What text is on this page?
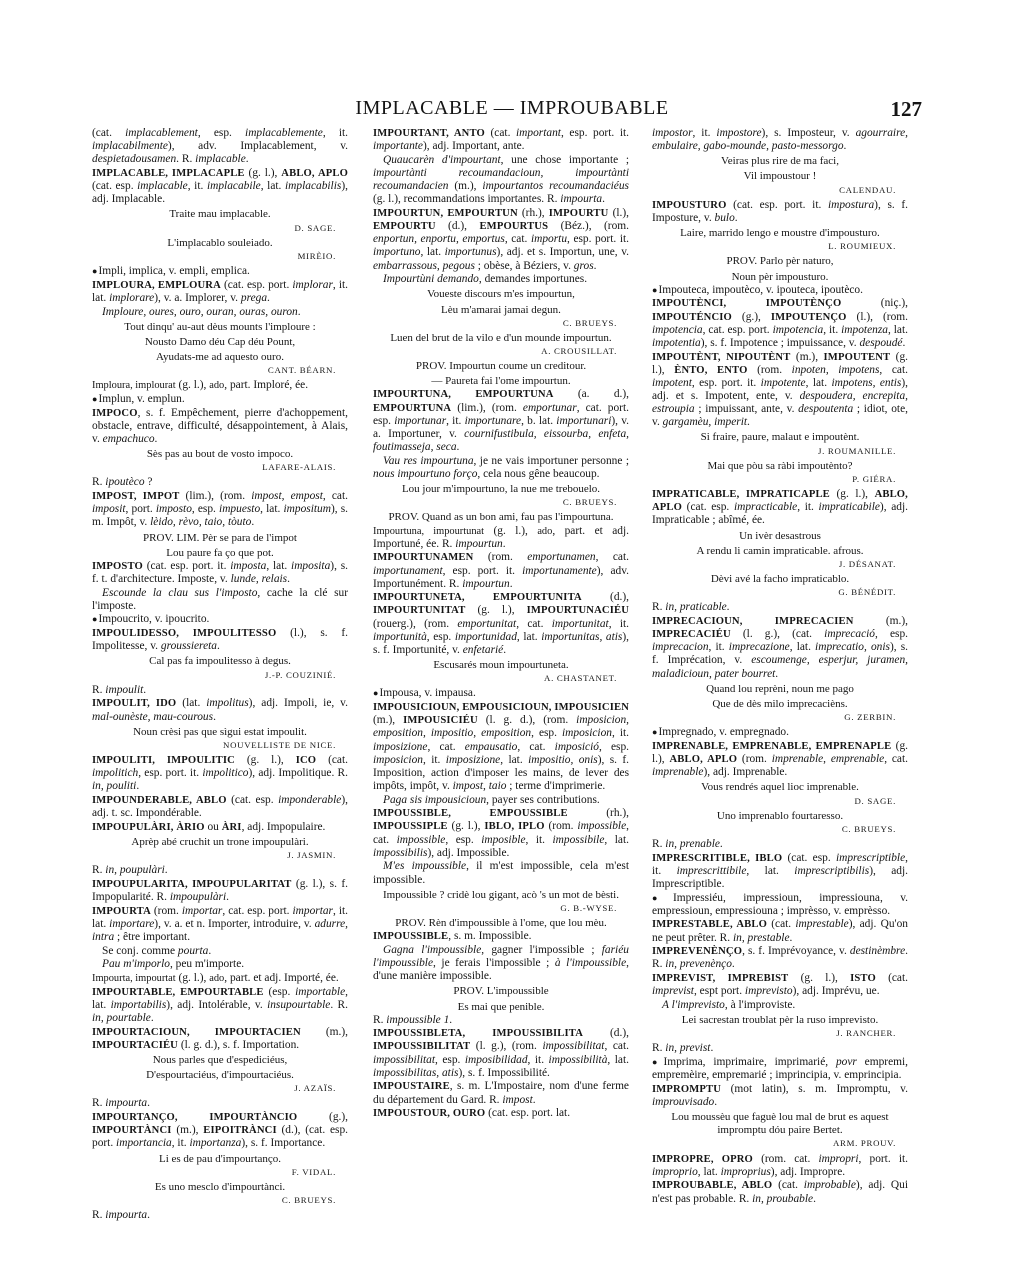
IMPLACABLE — IMPROUBABLE	127
(cat. implacablement, esp. implacablemente, it. implacabilmente), adv. Implacablement, v. despietadousamen. R. implacable.
IMPLACABLE, IMPLACAPLE (g. l.), ABLO, APLO (cat. esp. implacable, it. implacabile, lat. implacabilis), adj. Implacable.
Traite mau implacable.
D. SAGE.
L'implacablo souleiado.
MIRÈIO.
●Impli, implica, v. empli, emplica.
IMPLOURA, EMPLOURA (cat. esp. port. implorar, it. lat. implorare), v. a. Implorer, v. prega.
Imploure, oures, ouro, ouran, ouras, ouron.
Tout dinqu' au-aut dèus mounts l'imploure :
Nousto Damo déu Cap déu Pount,
Ayudats-me ad aquesto ouro.
CANT. BÉARN.
Imploura, implourat (g. l.), ado, part. Imploré, ée.
●Implun, v. emplun.
IMPOCO, s. f. Empêchement, pierre d'achoppement, obstacle, entrave, difficulté, désappointement, à Alais, v. empachuco.
Sès pas au bout de vosto impoco.
LAFARE-ALAIS.
R. ipoutèco ?
IMPOST, IMPOT (lim.), (rom. impost, empost, cat. imposit, port. imposto, esp. impuesto, lat. impositum), s. m. Impôt, v. lèido, rèvo, taio, tòuto.
PROV. LIM. Pèr se para de l'impot
Lou paure fa ço que pot.
IMPOSTO (cat. esp. port. it. imposta, lat. imposita), s. f. t. d'architecture. Imposte, v. lunde, relais.
Escounde la clau sus l'imposto, cache la clé sur l'imposte.
●Impoucrito, v. ipoucrito.
IMPOULIDESSO, IMPOULITESSO (l.), s. f. Impolitesse, v. groussiereta.
Cal pas fa impoulitesso à degus.
J.-P. COUZINIÉ.
R. impoulit.
IMPOULIT, IDO (lat. impolitus), adj. Impoli, ie, v. mal-ounèste, mau-courous.
Noun crèsi pas que sìgui estat impoulit.
NOUVELLISTE DE NICE.
IMPOULITI, IMPOULITIC (g. l.), ICO (cat. impolitich, esp. port. it. impolitico), adj. Impolitique. R. in, pouliti.
IMPOUNDERABLE, ABLO (cat. esp. imponderable), adj. t. sc. Impondérable.
IMPOUPULÀRI, ÀRIO ou ÀRI, adj. Impopulaire.
Aprèp abé cruchit un trone impoupulàri.
J. JASMIN.
R. in, poupulàri.
IMPOUPULARITA, IMPOUPULARITAT (g. l.), s. f. Impopularité. R. impoupulàri.
IMPOURTA (rom. importar, cat. esp. port. importar, it. lat. importare), v. a. et n. Importer, introduire, v. adurre, intra ; être important.
Se conj. comme pourta.
Pau m'imporlo, peu m'importe.
Impourta, impourtat (g. l.), ado, part. et adj. Importé, ée.
IMPOURTABLE, EMPOURTABLE (esp. importable, lat. importabilis), adj. Intolérable, v. insupourtable. R. in, pourtable.
IMPOURTACIOUN, IMPOURTACIEN (m.), IMPOURTACIÉU (l. g. d.), s. f. Importation.
Nous parles que d'espediciéus,
D'espourtaciéus, d'impourtaciéus.
J. AZAÏS.
R. impourta.
IMPOURTANÇO, IMPOURTÀNCIO (g.), IMPOURTÀNCI (m.), EIPOITRÀNCI (d.), (cat. esp. port. importancia, it. importanza), s. f. Importance.
Li es de pau d'impourtanço.
F. VIDAL.
Es uno mesclo d'impourtànci.
C. BRUEYS.
R. impourta.
IMPOURTANT, ANTO (cat. important, esp. port. it. importante), adj. Important, ante.
Quaucarèn d'impourtant, une chose importante ; impourtànti recoumandacioun, impourtànti recoumandacien (m.), impourtantos recoumandaciéus (g. l.), recommandations importantes. R. impourta.
IMPOURTUN, EMPOURTUN (rh.), IMPOURTU (l.), EMPOURTU (d.), EMPOURTUS (Béz.), (rom. enportun, enportu, emportus, cat. importu, esp. port. it. importuno, lat. importunus), adj. et s. Importun, une, v. embarrassous, pegous ; obèse, à Béziers, v. gros.
Impourtùni demando, demandes importunes.
Voueste discours m'es impourtun,
Lèu m'amarai jamai degun.
C. BRUEYS.
Luen del brut de la vilo e d'un mounde impourtun.
A. CROUSILLAT.
PROV. Impourtun coume un creditour.
— Paureta fai l'ome impourtun.
IMPOURTUNA, EMPOURTUNA (a. d.), EMPOURTUNA (lim.), (rom. emportunar, cat. port. esp. importunar, it. importunare, b. lat. importunari), v. a. Importuner, v. cournifustibula, eissourba, enfeta, foutimasseja, seca.
Vau res impourtuna, je ne vais importuner personne ; nous impourtuno forço, cela nous gêne beaucoup.
Lou jour m'impourtuno, la nue me trebouelo.
C. BRUEYS.
PROV. Quand as un bon ami, fau pas l'impourtuna.
Impourtuna, impourtunat (g. l.), ado, part. et adj. Importuné, ée. R. impourtun.
IMPOURTUNAMEN (rom. emportunamen, cat. importunament, esp. port. it. importunamente), adv. Importunément. R. impourtun.
IMPOURTUNETA, EMPOURTUNITA (d.), IMPOURTUNITAT (g. l.), IMPOURTUNACIÉU (rouerg.), (rom. emportunitat, cat. importunitat, it. importunità, esp. importunidad, lat. importunitas, atis), s. f. Importunité, v. enfetarié.
Escusarés moun impourtuneta.
A. CHASTANET.
●Impousa, v. impausa.
IMPOUSICIOUN, EMPOUSICIOUN, IMPOUSICIEN (m.), IMPOUSICIÉU (l. g. d.), (rom. imposicion, emposition, impositio, emposition, esp. imposicion, it. imposizione, cat. empausatio, cat. imposició, esp. imposicion, it. imposizione, lat. impositio, onis), s. f. Imposition, action d'imposer les mains, de lever des impôts, impôt, v. impost, taio ; terme d'imprimerie.
Paga sis impousicioun, payer ses contributions.
IMPOUSSIBLE, EMPOUSSIBLE (rh.), IMPOUSSIPLE (g. l.), IBLO, IPLO (rom. impossible, cat. impossible, esp. imposible, it. impossibile, lat. impossibilis), adj. Impossible.
M'es impoussible, il m'est impossible, cela m'est impossible.
Impoussible ? cridè lou gigant, acò 's un mot de bèsti.
G. B.-WYSE.
PROV. Rèn d'impoussible à l'ome, que lou mèu.
IMPOUSSIBLE, s. m. Impossible.
Gagna l'impoussible, gagner l'impossible ; fariéu l'impoussible, je ferais l'impossible ; à l'impoussible, d'une manière impossible.
PROV. L'impoussible
Es mai que penible.
R. impoussible 1.
IMPOUSSIBLETA, IMPOUSSIBILITA (d.), IMPOUSSIBILITAT (l. g.), (rom. impossibilitat, cat. impossibilitat, esp. imposibilidad, it. impossibilità, lat. impossibilitas, atis), s. f. Impossibilité.
IMPOUSTAIRE, s. m. L'Impostaire, nom d'une ferme du département du Gard. R. impost.
IMPOUSTOUR, OURO (cat. esp. port. lat.
impostor, it. impostore), s. Imposteur, v. agourraire, embulaire, gabo-mounde, pasto-messorgo.
Veiras plus rire de ma faci,
Vil impoustour !
CALENDAU.
IMPOUSTURO (cat. esp. port. it. impostura), s. f. Imposture, v. bulo.
Laire, marrido lengo e moustre d'impousturo.
L. ROUMIEUX.
PROV. Parlo pèr naturo,
Noun pèr impousturo.
●Impouteca, impoutèco, v. ipouteca, ipoutèco.
IMPOUTÈNCI, IMPOUTÈNÇO (niç.), IMPOUTÉNCIO (g.), IMPOUTENÇO (l.), (rom. impotencia, cat. esp. port. impotencia, it. impotenza, lat. impotentia), s. f. Impotence ; impuissance, v. despoudé.
IMPOUTÈNT, NIPOUTÈNT (m.), IMPOUTENT (g. l.), ÈNTO, ENTO (rom. inpoten, impotens, cat. impotent, esp. port. it. impotente, lat. impotens, entis), adj. et s. Impotent, ente, v. despoudera, encrepita, estroupia ; impuissant, ante, v. despoutenta ; idiot, ote, v. gargamèu, imperit.
Si fraire, paure, malaut e impoutènt.
J. ROUMANILLE.
Mai que pòu sa ràbi impoutènto?
P. GIÉRA.
IMPRATICABLE, IMPRATICAPLE (g. l.), ABLO, APLO (cat. esp. impracticable, it. impraticabile), adj. Impraticable ; abîmé, ée.
Un ivèr desastrous
A rendu li camin impraticable. afrous.
J. DÉSANAT.
Dèvi avé la facho impraticablo.
G. BÉNÉDIT.
R. in, praticable.
IMPRECACIOUN, IMPRECACIEN (m.), IMPRECACIÉU (l. g.), (cat. imprecació, esp. imprecacion, it. imprecazione, lat. imprecatio, onis), s. f. Imprécation, v. escoumenge, esperjur, juramen, maladicioun, pater bourret.
Quand lou reprèni, noun me pago
Que de dès milo imprecacièns.
G. ZERBIN.
●Impregnado, v. empregnado.
IMPRENABLE, EMPRENABLE, EMPRENAPLE (g. l.), ABLO, APLO (rom. imprenable, emprenable, cat. imprenable), adj. Imprenable.
Vous rendrés aquel lioc imprenable.
D. SAGE.
Uno imprenablo fourtaresso.
C. BRUEYS.
R. in, prenable.
IMPRESCRITIBLE, IBLO (cat. esp. imprescriptible, it. imprescrittibile, lat. imprescriptibilis), adj. Imprescriptible.
●Impressiéu, impressioun, impressiouna, v. empressioun, empressiouna ; imprèsso, v. emprèsso.
IMPRESTABLE, ABLO (cat. imprestable), adj. Qu'on ne peut prêter. R. in, prestable.
IMPREVENÈNÇO, s. f. Imprévoyance, v. destinèmbre. R. in, prevenènço.
IMPREVIST, IMPREBIST (g. l.), ISTO (cat. imprevist, espt port. imprevisto), adj. Imprévu, ue.
A l'imprevisto, à l'improviste.
Lei sacrestan troublat pèr la ruso imprevisto.
J. RANCHER.
R. in, previst.
●Imprima, imprimaire, imprimarié, povr empremi, empremèire, empremarié ; imprincipia, v. emprincipia.
IMPROMPTU (mot latin), s. m. Impromptu, v. improuvisado.
Lou moussèu que faguè lou mal de brut es aquest impromptu dóu paire Bertet.
ARM. PROUV.
IMPROPRE, OPRO (rom. cat. impropri, port. it. improprio, lat. improprius), adj. Impropre.
IMPROUBABLE, ABLO (cat. improbable), adj. Qui n'est pas probable. R. in, proubable.
